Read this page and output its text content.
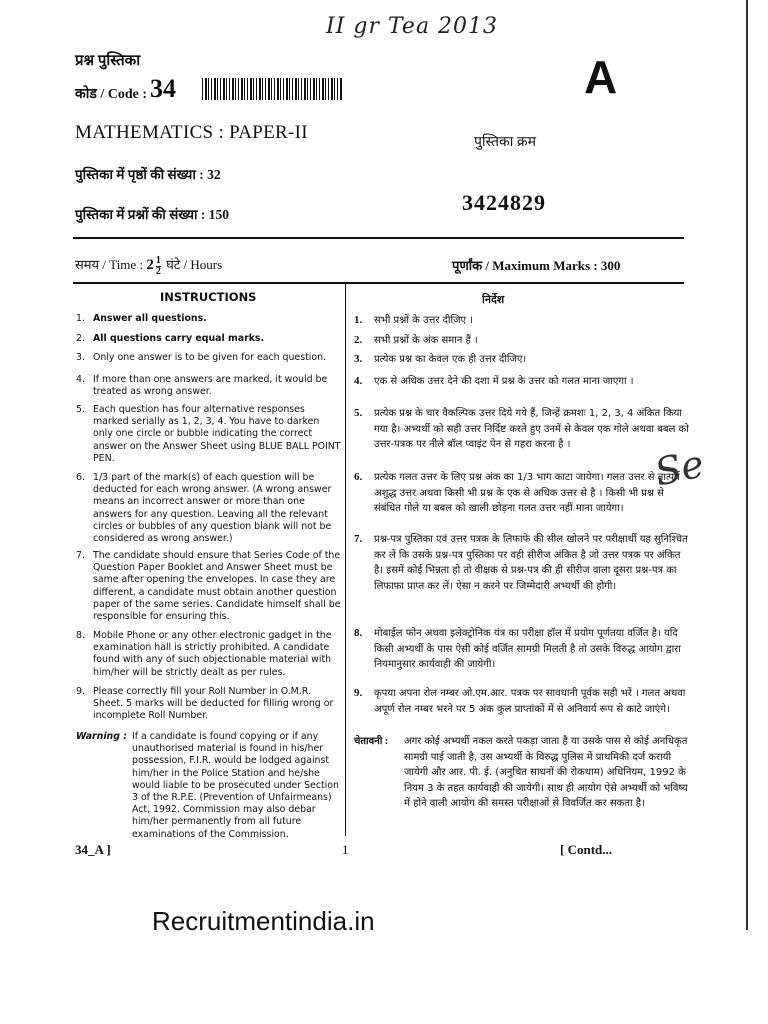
II gr Tea 2013
प्रश्न पुस्तिका
कोड / Code : 34	A
MATHEMATICS : PAPER-II	पुस्तिका क्रम
3424829
पुस्तिका में पृष्ठों की संख्या : 32
पुस्तिका में प्रश्नों की संख्या : 150
समय / Time : $2 \frac{1}{2}$ घंटे / Hours	पूर्णांक / Maximum Marks : 300
INSTRUCTIONS
1. Answer all questions.
2. All questions carry equal marks.
3. Only one answer is to be given for each question.
4. If more than one answers are marked, it would be treated as wrong answer.
5. Each question has four alternative responses marked serially as 1, 2, 3, 4. You have to darken only one circle or bubble indicating the correct answer on the Answer Sheet using BLUE BALL POINT PEN.
6. 1/3 part of the mark(s) of each question will be deducted for each wrong answer. (A wrong answer means an incorrect answer or more than one answers for any question. Leaving all the relevant circles or bubbles of any question blank will not be considered as wrong answer.)
7. The candidate should ensure that Series Code of the Question Paper Booklet and Answer Sheet must be same after opening the envelopes. In case they are different, a candidate must obtain another question paper of the same series. Candidate himself shall be responsible for ensuring this.
8. Mobile Phone or any other electronic gadget in the examination hall is strictly prohibited. A candidate found with any of such objectionable material with him/her will be strictly dealt as per rules.
9. Please correctly fill your Roll Number in O.M.R. Sheet. 5 marks will be deducted for filling wrong or incomplete Roll Number.
Warning : If a candidate is found copying or if any unauthorised material is found in his/her possession, F.I.R. would be lodged against him/her in the Police Station and he/she would liable to be prosecuted under Section 3 of the R.P.E. (Prevention of Unfairmeans) Act, 1992. Commission may also debar him/her permanently from all future examinations of the Commission.
निर्देश
1. सभी प्रश्नों के उत्तर दीजिए ।
2. सभी प्रश्नों के अंक समान हैं ।
3. प्रत्येक प्रश्न का केवल एक ही उत्तर दीजिए।
4. एक से अधिक उत्तर देने की दशा में प्रश्न के उत्तर को गलत माना जाएगा ।
5. प्रत्येक प्रश्न के चार वैकल्पिक उत्तर दिये गये हैं, जिन्हें क्रमशः 1, 2, 3, 4 अंकित किया गया है। अभ्यर्थी को सही उत्तर निर्दिष्ट करते हुए उनमें से केवल एक गोले अथवा बबल को उत्तर-पत्रक पर नीले बॉल प्वाइंट पेन से गहरा करना है ।
6. प्रत्येक गलत उत्तर के लिए प्रश्न अंक का 1/3 भाग काटा जायेगा। गलत उत्तर से तात्पर्य अशुद्ध उत्तर अथवा किसी भी प्रश्न के एक से अधिक उत्तर से है । किसी भी प्रश्न से संबंधित गोले या बबल को खाली छोड़ना गलत उत्तर नहीं माना जायेगा।
7. प्रश्न-पत्र पुस्तिका एवं उत्तर पत्रक के लिफाफे की सील खोलने पर परीक्षार्थी यह सुनिश्चित कर लें कि उसके प्रश्न-पत्र पुस्तिका पर वही सीरीज अंकित है जो उत्तर पत्रक पर अंकित है। इसमें कोई भिन्नता हो तो वीक्षक से प्रश्न-पत्र की ही सीरीज वाला दूसरा प्रश्न-पत्र का लिफाफा प्राप्त कर लें। ऐसा न करने पर जिम्मेदारी अभ्यर्थी की होगी।
8. मोबाईल फोन अथवा इलेक्ट्रोनिक यंत्र का परीक्षा हॉल में प्रयोग पूर्णतया वर्जित है। यदि किसी अभ्यर्थी के पास ऐसी कोई वर्जित सामग्री मिलती है तो उसके विरुद्ध आयोग द्वारा नियमानुसार कार्यवाही की जायेगी।
9. कृपया अपना रोल नम्बर ओ.एम.आर. पत्रक पर सावधानी पूर्वक सही भरें । गलत अथवा अपूर्ण रोल नम्बर भरने पर 5 अंक कुल प्राप्तांकों में से अनिवार्य रूप से काटे जाएंगे।
चेतावनी : अगर कोई अभ्यर्थी नकल करते पकड़ा जाता है या उसके पास से कोई अनधिकृत सामग्री पाई जाती है, उस अभ्यर्थी के विरुद्ध पुलिस में प्राथमिकी दर्ज करायी जायेगी और आर. पी. ई. (अनुचित साधनों की रोकथाम) अधिनियम, 1992 के नियम 3 के तहत कार्यवाही की जायेगी। साथ ही आयोग ऐसे अभ्यर्थी को भविष्य में होने वाली आयोग की समस्त परीक्षाओं से विवर्जित कर सकता है।
34_A ]	1	[ Contd...
Se
Recruitmentindia.in
